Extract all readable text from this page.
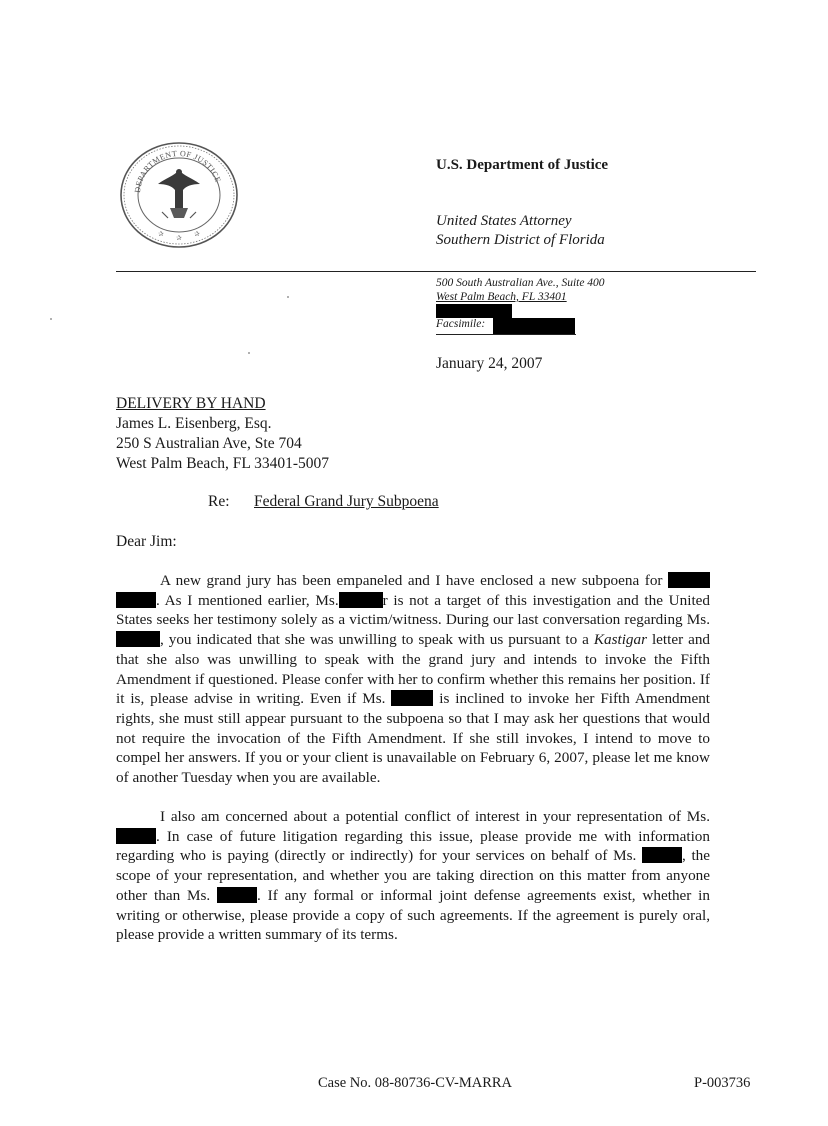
DEPARTMENT OF JUSTICE
✰ ✰ ✰
U.S. Department of Justice
United States Attorney
Southern District of Florida
500 South Australian Ave., Suite 400
West Palm Beach, FL 33401
Facsimile:
January 24, 2007
DELIVERY BY HAND
James L. Eisenberg, Esq.
250 S Australian Ave, Ste 704
West Palm Beach, FL 33401-5007
Re: Federal Grand Jury Subpoena
Dear Jim:
A new grand jury has been empaneled and I have enclosed a new subpoena for  . As I mentioned earlier, Ms.	r is not a target of this investigation and the United States seeks her testimony solely as a victim/witness. During our last conversation regarding Ms. , you indicated that she was unwilling to speak with us pursuant to a Kastigar letter and that she also was unwilling to speak with the grand jury and intends to invoke the Fifth Amendment if questioned. Please confer with her to confirm whether this remains her position. If it is, please advise in writing. Even if Ms.	is inclined to invoke her Fifth Amendment rights, she must still appear pursuant to the subpoena so that I may ask her questions that would not require the invocation of the Fifth Amendment. If she still invokes, I intend to move to compel her answers. If you or your client is unavailable on February 6, 2007, please let me know of another Tuesday when you are available.
I also am concerned about a potential conflict of interest in your representation of Ms. . In case of future litigation regarding this issue, please provide me with information regarding who is paying (directly or indirectly) for your services on behalf of Ms.	, the scope of your representation, and whether you are taking direction on this matter from anyone other than Ms.	. If any formal or informal joint defense agreements exist, whether in writing or otherwise, please provide a copy of such agreements. If the agreement is purely oral, please provide a written summary of its terms.
Case No. 08-80736-CV-MARRA	P-003736
